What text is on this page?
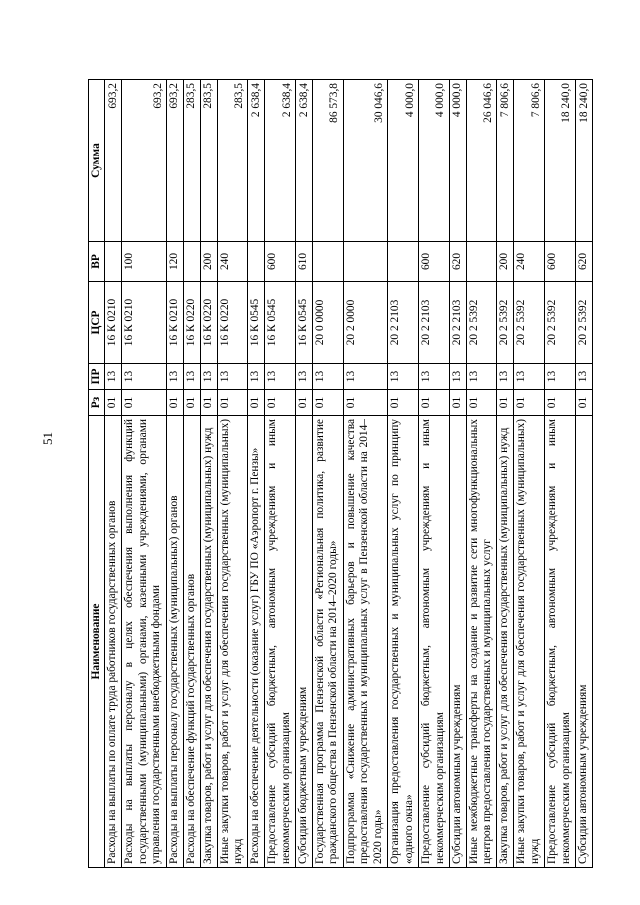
51
Наименование	Рз	ПР	ЦСР	ВР	Сумма
Расходы на выплаты по оплате труда работников государственных органов	01	13	16 К 0210		693,2
Расходы на выплаты персоналу в целях обеспечения выполнения функций государственными (муниципальными) органами, казенными учреждениями, органами управления государственными внебюджетными фондами	01	13	16 К 0210	100	693,2
Расходы на выплаты персоналу государственных (муниципальных) органов	01	13	16 К 0210	120	693,2
Расходы на обеспечение функций государственных органов	01	13	16 К 0220		283,5
Закупка товаров, работ и услуг для обеспечения государственных (муниципальных) нужд	01	13	16 К 0220	200	283,5
Иные закупки товаров, работ и услуг для обеспечения государственных (муниципальных) нужд	01	13	16 К 0220	240	283,5
Расходы на обеспечение деятельности (оказание услуг) ГБУ ПО «Аэропорт г. Пензы»	01	13	16 К 0545		2 638,4
Предоставление субсидий бюджетным, автономным учреждениям и иным некоммерческим организациям	01	13	16 К 0545	600	2 638,4
Субсидии бюджетным учреждениям	01	13	16 К 0545	610	2 638,4
Государственная программа Пензенской области «Региональная политика, развитие гражданского общества в Пензенской области на 2014–2020 годы»	01	13	20 0 0000		86 573,8
Подпрограмма «Снижение административных барьеров и повышение качества предоставления государственных и муниципальных услуг в Пензенской области на 2014–2020 годы»	01	13	20 2 0000		30 046,6
Организация предоставления государственных и муниципальных услуг по принципу «одного окна»	01	13	20 2 2103		4 000,0
Предоставление субсидий бюджетным, автономным учреждениям и иным некоммерческим организациям	01	13	20 2 2103	600	4 000,0
Субсидии автономным учреждениям	01	13	20 2 2103	620	4 000,0
Иные межбюджетные трансферты на создание и развитие сети многофункциональных центров предоставления государственных и муниципальных услуг	01	13	20 2 5392		26 046,6
Закупка товаров, работ и услуг для обеспечения государственных (муниципальных) нужд	01	13	20 2 5392	200	7 806,6
Иные закупки товаров, работ и услуг для обеспечения государственных (муниципальных) нужд	01	13	20 2 5392	240	7 806,6
Предоставление субсидий бюджетным, автономным учреждениям и иным некоммерческим организациям	01	13	20 2 5392	600	18 240,0
Субсидии автономным учреждениям	01	13	20 2 5392	620	18 240,0
